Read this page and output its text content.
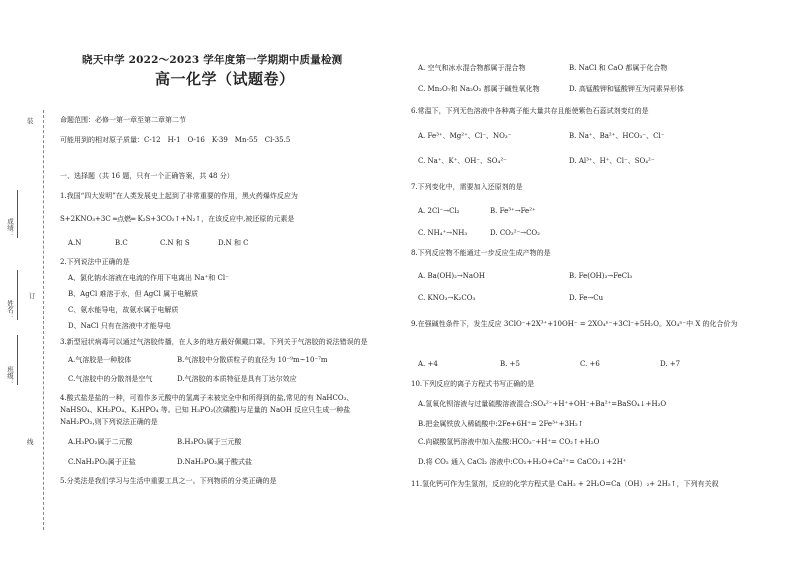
装
订
线
成绩：
姓名：
班级：
晓天中学 2022～2023 学年度第一学期期中质量检测
高一化学（试题卷）
命题范围：必修一第一章至第二章第二节
可能用到的相对原子质量：C-12　H-1　O-16　K-39　Mn-55　Cl-35.5
一、选择题（共 16 题，只有一个正确答案，共 48 分）
1.我国“四大发明”在人类发展史上起到了非常重要的作用，黑火药爆炸反应为
S+2KNO₃+3C ═点燃═ K₂S+3CO₂↑+N₂↑，在该反应中,被还原的元素是
A.N	B.C	C.N 和 S	D.N 和 C
2.下列说法中正确的是
A、氯化钠水溶液在电流的作用下电离出 Na⁺和 Cl⁻
B、AgCl 难溶于水，但 AgCl 属于电解质
C、氨水能导电，故氨水属于电解质
D、NaCl 只有在溶液中才能导电
3.新型冠状病毒可以通过气溶胶传播，在人多的地方最好佩戴口罩。下列关于气溶胶的说法错误的是
A.气溶胶是一种胶体	B.气溶胶中分散质粒子的直径为 10⁻⁹m~10⁻⁷m
C.气溶胶中的分散剂是空气	D.气溶胶的本质特征是具有丁达尔效应
4.酸式盐是盐的一种，可看作多元酸中的氢离子未被完全中和所得到的盐,常见的有 NaHCO₃、
NaHSO₄、KH₂PO₄、K₂HPO₄ 等。已知 H₃PO₂(次磷酸)与足量的 NaOH 反应只生成一种盐
NaH₂PO₂,则下列说法正确的是
A.H₃PO₂属于二元酸	B.H₃PO₂属于三元酸
C.NaH₂PO₂属于正盐	D.NaH₂PO₂属于酸式盐
5.分类法是我们学习与生活中重要工具之一。下列物质的分类正确的是
A. 空气和冰水混合物都属于混合物	B. NaCl 和 CaO 都属于化合物
C. Mn₂O₇和 Na₂O₂ 都属于碱性氧化物	D. 高锰酸钾和锰酸钾互为同素异形体
6.常温下，下列无色溶液中各种离子能大量共存且能使紫色石蕊试剂变红的是
A. Fe³⁺、Mg²⁺、Cl⁻、NO₃⁻	B. Na⁺、Ba²⁺、HCO₃⁻、Cl⁻
C. Na⁺、K⁺、OH⁻、SO₄²⁻	D. Al³⁺、H⁺、Cl⁻、SO₄²⁻
7.下列变化中，需要加入还原剂的是
A. 2Cl⁻→Cl₂	B. Fe³⁺→Fe²⁺
C. NH₄⁺→NH₃	D. CO₃²⁻→CO₂
8.下列反应物不能通过一步反应生成产物的是
A. Ba(OH)₂→NaOH	B. Fe(OH)₃→FeCl₃
C. KNO₃→K₂CO₃	D. Fe→Cu
9.在强碱性条件下，发生反应 3ClO⁻+2X³⁺+10OH⁻ = 2XO₄ⁿ⁻+3Cl⁻+5H₂O。XO₄ⁿ⁻中 X 的化合价为
A. +4	B. +5	C. +6	D. +7
10.下列反应的离子方程式书写正确的是
A.氢氧化钡溶液与过量硫酸溶液混合:SO₄²⁻+H⁺+OH⁻+Ba²⁺=BaSO₄↓+H₂O
B.把金属铁放入稀硫酸中:2Fe+6H⁺= 2Fe³⁺+3H₂↑
C.向碳酸氢钙溶液中加入盐酸:HCO₃⁻+H⁺= CO₂↑+H₂O
D.将 CO₂ 通入 CaCl₂ 溶液中:CO₂+H₂O+Ca²⁺= CaCO₃↓+2H⁺
11.氢化钙可作为生氢剂，反应的化学方程式是 CaH₂ + 2H₂O=Ca（OH）₂+ 2H₂↑，下列有关叙
